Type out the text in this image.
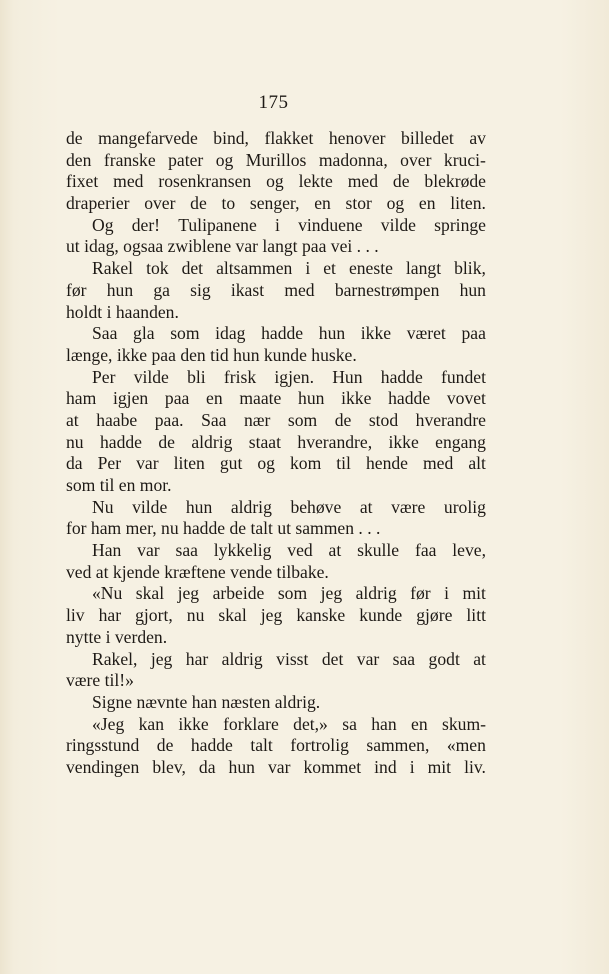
175
de mangefarvede bind, flakket henover billedet av
den franske pater og Murillos madonna, over kruci-
fixet med rosenkransen og lekte med de blekrøde
draperier over de to senger, en stor og en liten.
Og der! Tulipanene i vinduene vilde springe
ut idag, ogsaa zwiblene var langt paa vei . . .
Rakel tok det altsammen i et eneste langt blik,
før hun ga sig ikast med barnestrømpen hun
holdt i haanden.
Saa gla som idag hadde hun ikke været paa
længe, ikke paa den tid hun kunde huske.
Per vilde bli frisk igjen. Hun hadde fundet
ham igjen paa en maate hun ikke hadde vovet
at haabe paa. Saa nær som de stod hverandre
nu hadde de aldrig staat hverandre, ikke engang
da Per var liten gut og kom til hende med alt
som til en mor.
Nu vilde hun aldrig behøve at være urolig
for ham mer, nu hadde de talt ut sammen . . .
Han var saa lykkelig ved at skulle faa leve,
ved at kjende kræftene vende tilbake.
«Nu skal jeg arbeide som jeg aldrig før i mit
liv har gjort, nu skal jeg kanske kunde gjøre litt
nytte i verden.
Rakel, jeg har aldrig visst det var saa godt at
være til!»
Signe nævnte han næsten aldrig.
«Jeg kan ikke forklare det,» sa han en skum-
ringsstund de hadde talt fortrolig sammen, «men
vendingen blev, da hun var kommet ind i mit liv.
